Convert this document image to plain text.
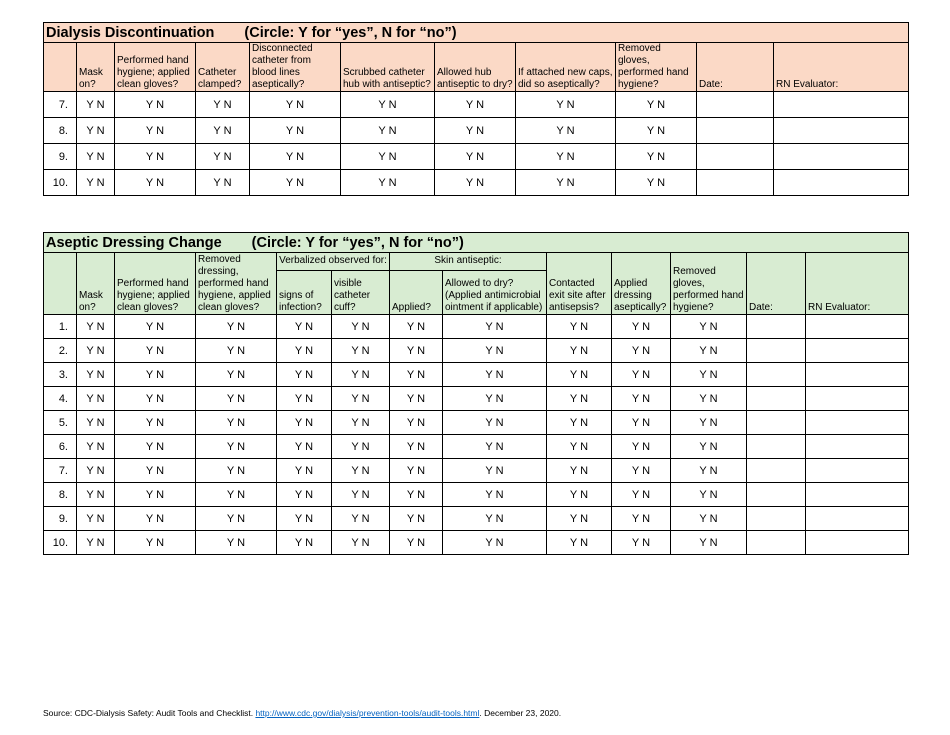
Dialysis Discontinuation (Circle: Y for “yes”, N for “no”)										
	Mask on?	Performed hand hygiene; applied clean gloves?	Catheter clamped?	Disconnected catheter from blood lines aseptically?	Scrubbed catheter hub with antiseptic?	Allowed hub antiseptic to dry?	If attached new caps, did so aseptically?	Removed gloves, performed hand hygiene?	Date:	RN Evaluator:
7.	Y N	Y N	Y N	Y N	Y N	Y N	Y N	Y N		
8.	Y N	Y N	Y N	Y N	Y N	Y N	Y N	Y N		
9.	Y N	Y N	Y N	Y N	Y N	Y N	Y N	Y N		
10.	Y N	Y N	Y N	Y N	Y N	Y N	Y N	Y N		
Aseptic Dressing Change (Circle: Y for “yes”, N for “no”)												
	Mask on?	Performed hand hygiene; applied clean gloves?	Removed dressing, performed hand hygiene, applied clean gloves?	Verbalized observed for:		Skin antiseptic:		Contacted exit site after antisepsis?	Applied dressing aseptically?	Removed gloves, performed hand hygiene?	Date:	RN Evaluator:
				signs of infection?	visible catheter cuff?	Applied?	Allowed to dry? (Applied antimicrobial ointment if applicable)					
1.	Y N	Y N	Y N	Y N	Y N	Y N	Y N	Y N	Y N	Y N		
2.	Y N	Y N	Y N	Y N	Y N	Y N	Y N	Y N	Y N	Y N		
3.	Y N	Y N	Y N	Y N	Y N	Y N	Y N	Y N	Y N	Y N		
4.	Y N	Y N	Y N	Y N	Y N	Y N	Y N	Y N	Y N	Y N		
5.	Y N	Y N	Y N	Y N	Y N	Y N	Y N	Y N	Y N	Y N		
6.	Y N	Y N	Y N	Y N	Y N	Y N	Y N	Y N	Y N	Y N		
7.	Y N	Y N	Y N	Y N	Y N	Y N	Y N	Y N	Y N	Y N		
8.	Y N	Y N	Y N	Y N	Y N	Y N	Y N	Y N	Y N	Y N		
9.	Y N	Y N	Y N	Y N	Y N	Y N	Y N	Y N	Y N	Y N		
10.	Y N	Y N	Y N	Y N	Y N	Y N	Y N	Y N	Y N	Y N		
Source: CDC-Dialysis Safety: Audit Tools and Checklist. http://www.cdc.gov/dialysis/prevention-tools/audit-tools.html. December 23, 2020.
